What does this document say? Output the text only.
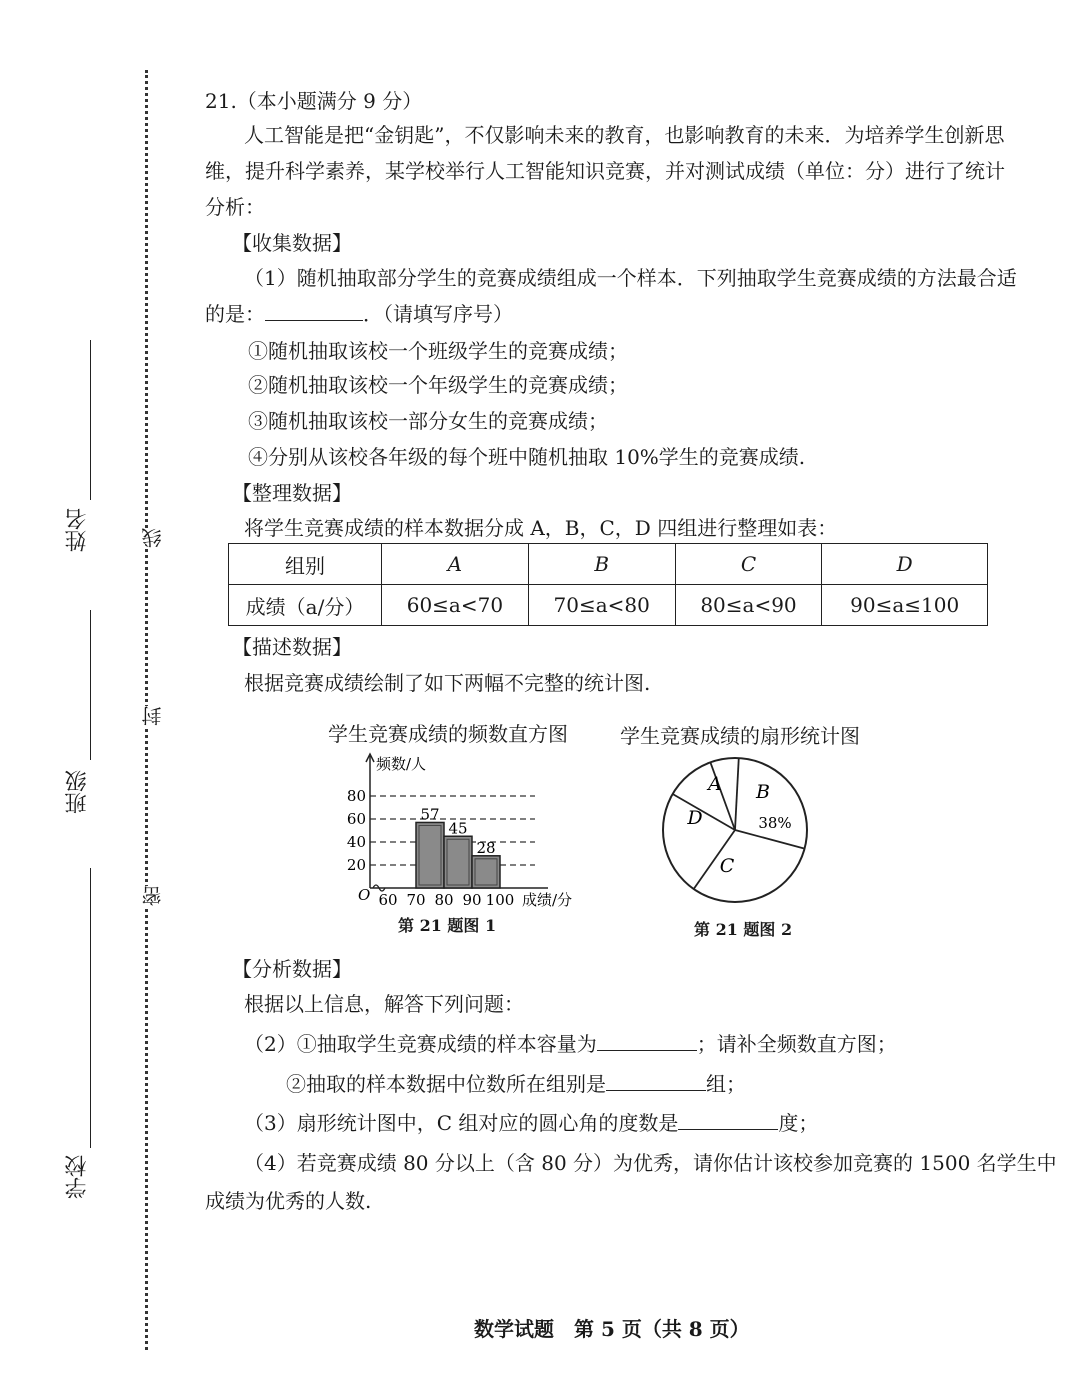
姓名
班级
学校
线
封
密
21.（本小题满分 9 分）
人工智能是把“金钥匙”，不仅影响未来的教育，也影响教育的未来．为培养学生创新思
维，提升科学素养，某学校举行人工智能知识竞赛，并对测试成绩（单位：分）进行了统计
分析：
【收集数据】
（1）随机抽取部分学生的竞赛成绩组成一个样本．下列抽取学生竞赛成绩的方法最合适
的是：	．（请填写序号）
①随机抽取该校一个班级学生的竞赛成绩；
②随机抽取该校一个年级学生的竞赛成绩；
③随机抽取该校一部分女生的竞赛成绩；
④分别从该校各年级的每个班中随机抽取 10%学生的竞赛成绩.
【整理数据】
将学生竞赛成绩的样本数据分成 A，B，C，D 四组进行整理如表：
组别	A	B	C	D
成绩（a/分）	60≤a<70	70≤a<80	80≤a<90	90≤a≤100
【描述数据】
根据竞赛成绩绘制了如下两幅不完整的统计图.
学生竞赛成绩的频数直方图
20
40
60
80
57
45
28
60 70 80 90 100
O
频数/人
成绩/分
第 21 题图 1
学生竞赛成绩的扇形统计图
A B
38%
C
D
第 21 题图 2
【分析数据】
根据以上信息，解答下列问题：
（2）①抽取学生竞赛成绩的样本容量为	；请补全频数直方图；
②抽取的样本数据中位数所在组别是	组；
（3）扇形统计图中，C 组对应的圆心角的度数是	度；
（4）若竞赛成绩 80 分以上（含 80 分）为优秀，请你估计该校参加竞赛的 1500 名学生中
成绩为优秀的人数.
数学试题　第 5 页（共 8 页）
